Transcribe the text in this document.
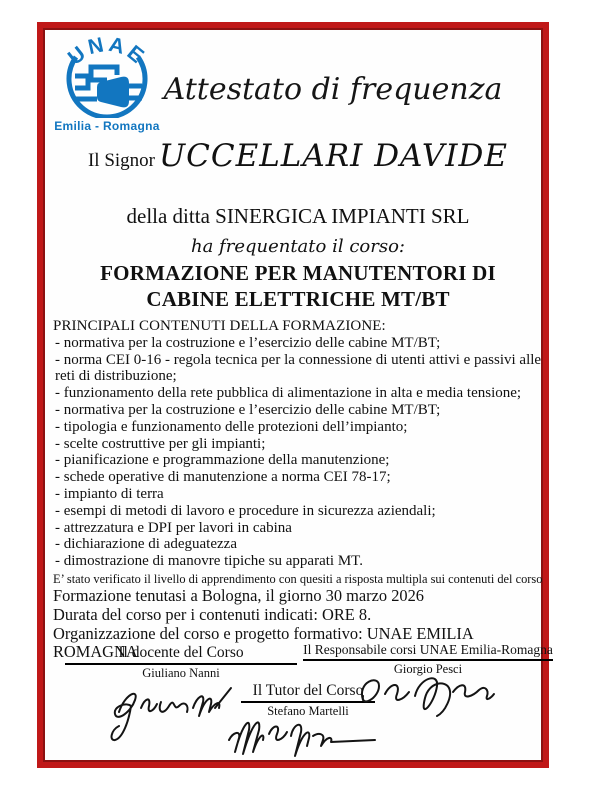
UNAE
Emilia - Romagna
Attestato di frequenza
Il Signor UCCELLARI DAVIDE
della ditta SINERGICA IMPIANTI SRL
ha frequentato il corso:
FORMAZIONE PER MANUTENTORI DI
CABINE ELETTRICHE MT/BT
PRINCIPALI CONTENUTI DELLA FORMAZIONE:
- normativa per la costruzione e l’esercizio delle cabine MT/BT;
- norma CEI 0-16 - regola tecnica per la connessione di utenti attivi e passivi alle reti di distribuzione;
- funzionamento della rete pubblica di alimentazione in alta e media tensione;
- normativa per la costruzione e l’esercizio delle cabine MT/BT;
- tipologia e funzionamento delle protezioni dell’impianto;
- scelte costruttive per gli impianti;
- pianificazione e programmazione della manutenzione;
- schede operative di manutenzione a norma CEI 78-17;
- impianto di terra
- esempi di metodi di lavoro e procedure in sicurezza aziendali;
- attrezzatura e DPI per lavori in cabina
- dichiarazione di adeguatezza
- dimostrazione di manovre tipiche su apparati MT.
E’ stato verificato il livello di apprendimento con quesiti a risposta multipla sui contenuti del corso
Formazione tenutasi a Bologna, il giorno 30 marzo 2026
Durata del corso per i contenuti indicati: ORE 8.
Organizzazione del corso e progetto formativo: UNAE EMILIA ROMAGNA
Il docente del Corso
Giuliano Nanni
Il Responsabile corsi UNAE Emilia-Romagna
Giorgio Pesci
Il Tutor del Corso
Stefano Martelli
